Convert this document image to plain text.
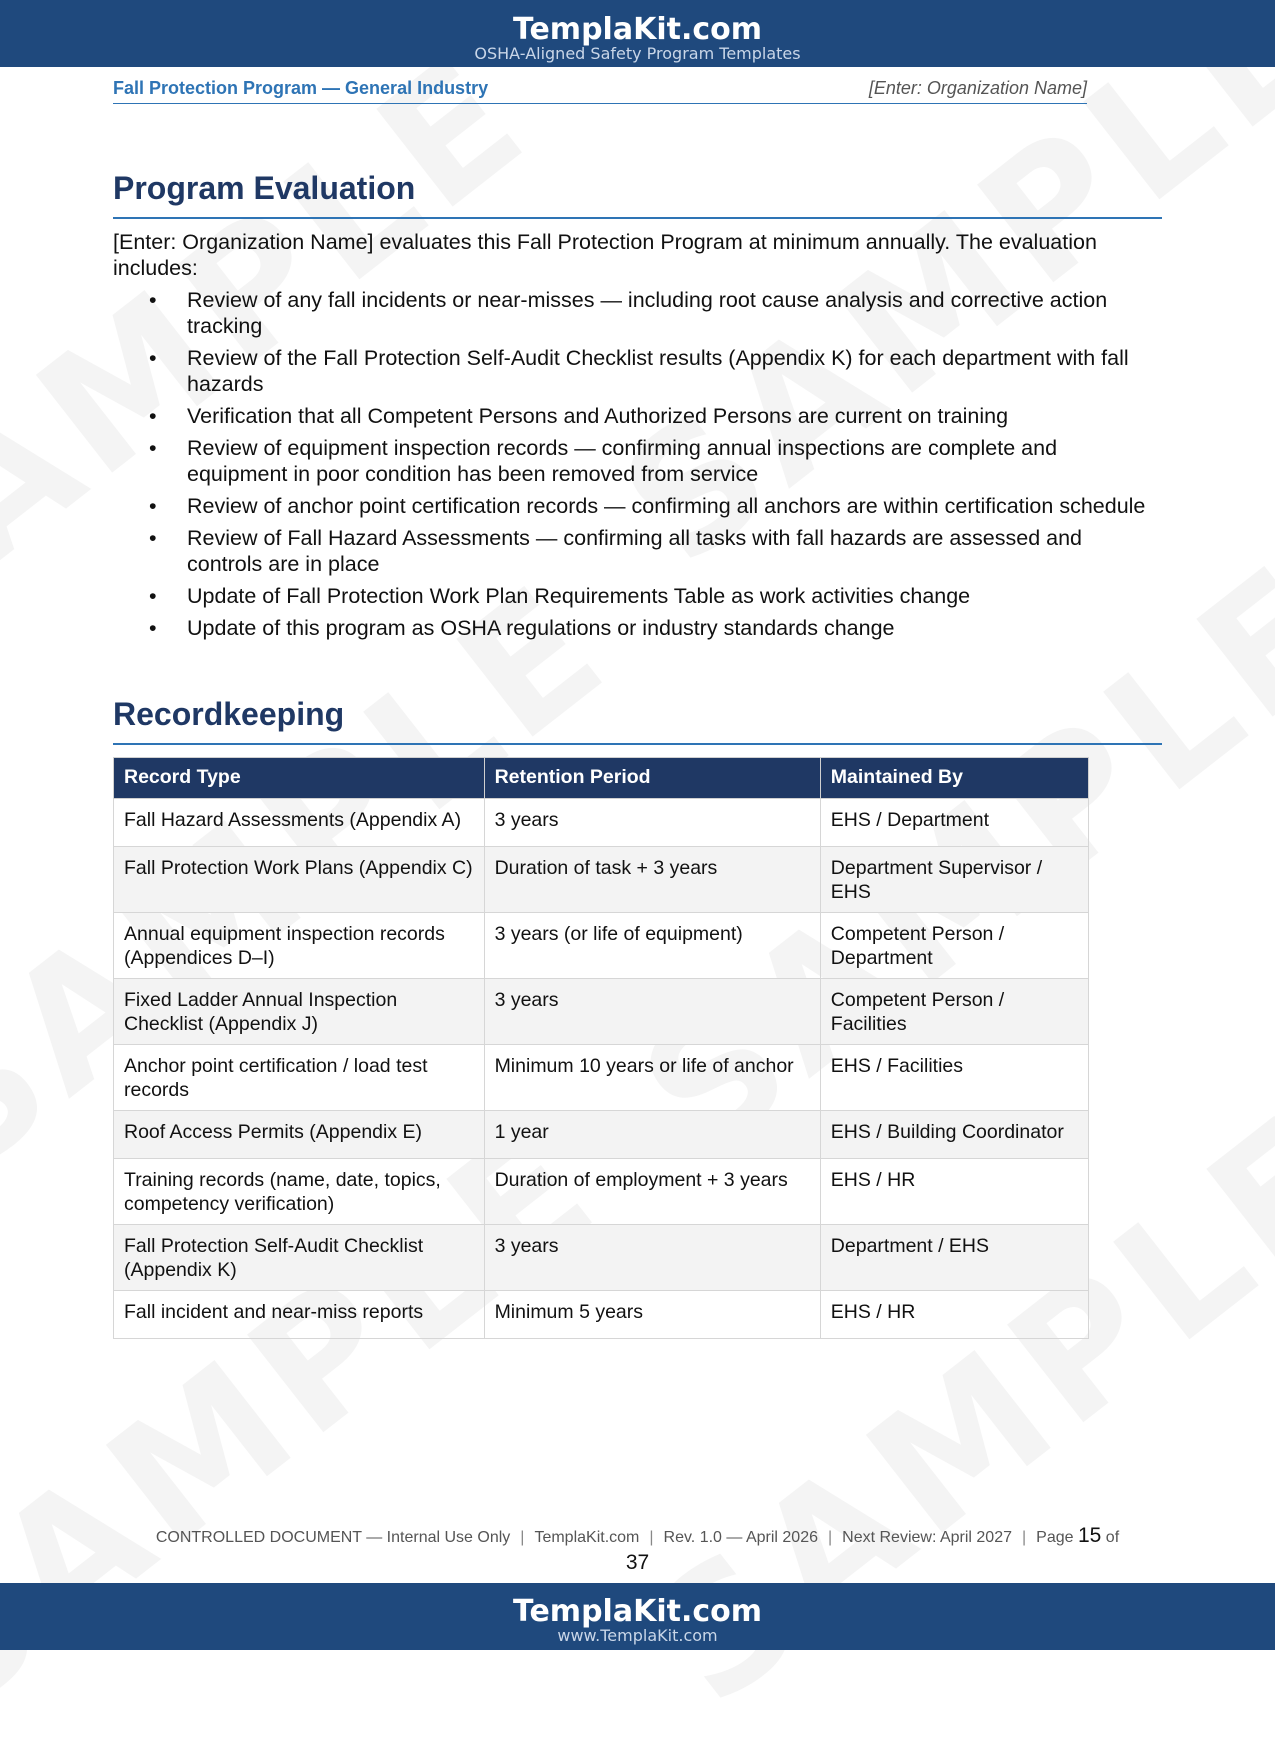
TemplaKit.com
OSHA-Aligned Safety Program Templates
Fall Protection Program — General Industry	[Enter: Organization Name]
Program Evaluation

[Enter: Organization Name] evaluates this Fall Protection Program at minimum annually. The evaluation includes:

• Review of any fall incidents or near-misses — including root cause analysis and corrective action tracking
• Review of the Fall Protection Self-Audit Checklist results (Appendix K) for each department with fall hazards
• Verification that all Competent Persons and Authorized Persons are current on training
• Review of equipment inspection records — confirming annual inspections are complete and equipment in poor condition has been removed from service
• Review of anchor point certification records — confirming all anchors are within certification schedule
• Review of Fall Hazard Assessments — confirming all tasks with fall hazards are assessed and controls are in place
• Update of Fall Protection Work Plan Requirements Table as work activities change
• Update of this program as OSHA regulations or industry standards change
Recordkeeping
Record Type	Retention Period	Maintained By
Fall Hazard Assessments (Appendix A)	3 years	EHS / Department
Fall Protection Work Plans (Appendix C)	Duration of task + 3 years	Department Supervisor / EHS
Annual equipment inspection records (Appendices D–I)	3 years (or life of equipment)	Competent Person / Department
Fixed Ladder Annual Inspection Checklist (Appendix J)	3 years	Competent Person / Facilities
Anchor point certification / load test records	Minimum 10 years or life of anchor	EHS / Facilities
Roof Access Permits (Appendix E)	1 year	EHS / Building Coordinator
Training records (name, date, topics, competency verification)	Duration of employment + 3 years	EHS / HR
Fall Protection Self-Audit Checklist (Appendix K)	3 years	Department / EHS
Fall incident and near-miss reports	Minimum 5 years	EHS / HR
CONTROLLED DOCUMENT — Internal Use Only | TemplaKit.com | Rev. 1.0 — April 2026 | Next Review: April 2027 | Page 15 of
37
TemplaKit.com
www.TemplaKit.com
